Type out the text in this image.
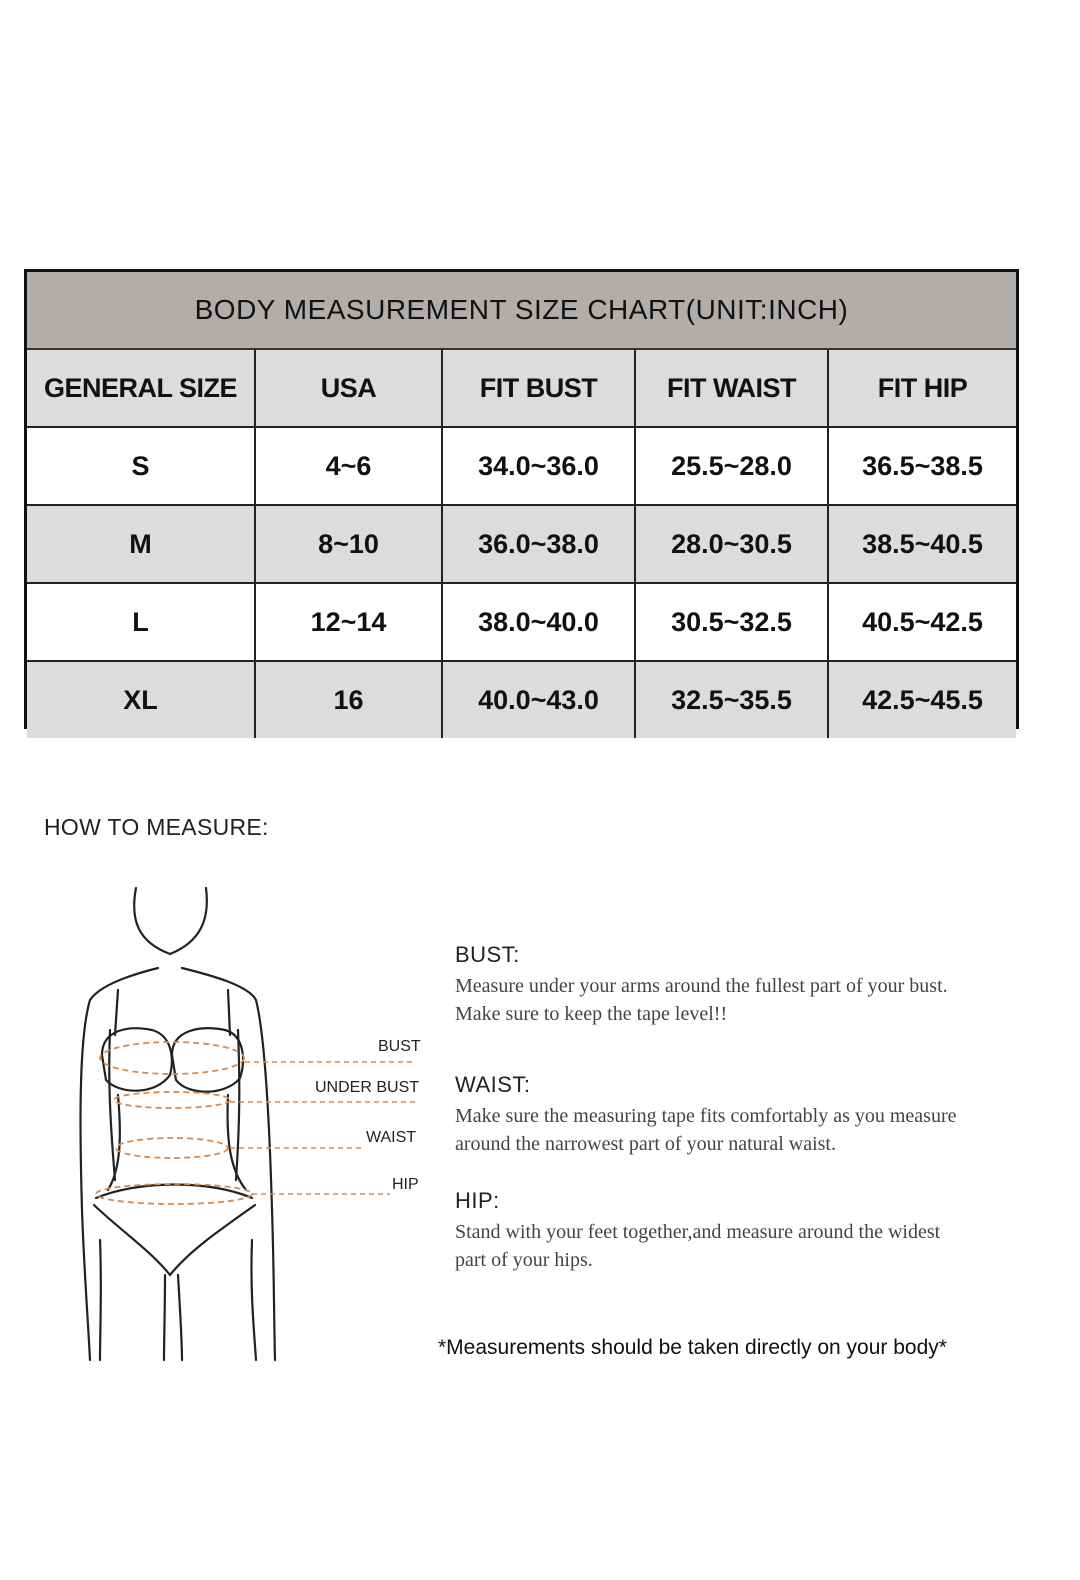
BODY MEASUREMENT SIZE CHART(UNIT:INCH)
GENERAL SIZE	USA	FIT BUST	FIT WAIST	FIT HIP
S	4~6	34.0~36.0	25.5~28.0	36.5~38.5
M	8~10	36.0~38.0	28.0~30.5	38.5~40.5
L	12~14	38.0~40.0	30.5~32.5	40.5~42.5
XL	16	40.0~43.0	32.5~35.5	42.5~45.5
HOW TO MEASURE:
BUST
UNDER BUST
WAIST
HIP
BUST:
Measure under your arms around the fullest part of your bust.
Make sure to keep the tape level!!
WAIST:
Make sure the measuring tape fits comfortably as you measure
around the narrowest part of your natural waist.
HIP:
Stand with your feet together,and measure around the widest
part of your hips.
*Measurements should be taken directly on your body*
